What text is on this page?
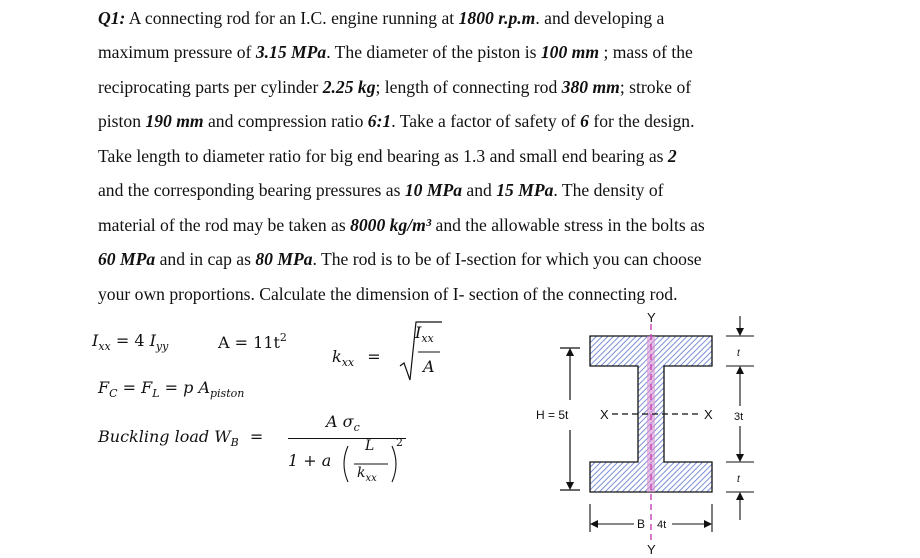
Q1: A connecting rod for an I.C. engine running at 1800 r.p.m. and developing a
maximum pressure of 3.15 MPa. The diameter of the piston is 100 mm ; mass of the
reciprocating parts per cylinder 2.25 kg; length of connecting rod 380 mm; stroke of
piston 190 mm and compression ratio 6:1. Take a factor of safety of 6 for the design.
Take length to diameter ratio for big end bearing as 1.3 and small end bearing as 2
and the corresponding bearing pressures as 10 MPa and 15 MPa. The density of
material of the rod may be taken as 8000 kg/m³ and the allowable stress in the bolts as
60 MPa and in cap as 80 MPa. The rod is to be of I-section for which you can choose
your own proportions. Calculate the dimension of I- section of the connecting rod.
$I_{xx} = 4$ $I_{yy}$	$A = 11t^2$
$k_{xx}$ =
$I_{xx}$
A
$F_C = F_L = p$ $A_{piston}$
Buckling load $W_B$ =
A $\sigma_c$
1 + a
L
$k_{xx}$
2
Y
Y
X	X
H = 5t
t
3t
t
B 4t
